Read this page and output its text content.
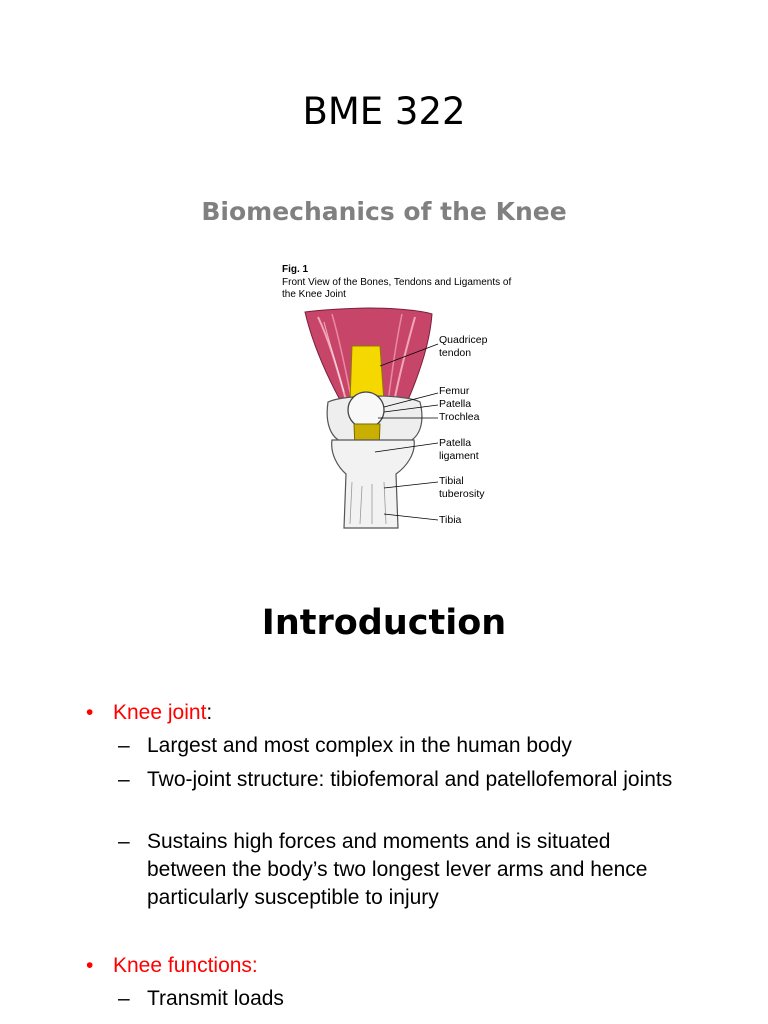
BME 322
Biomechanics of the Knee
Fig. 1
Front View of the Bones, Tendons and Ligaments of the Knee Joint
Quadricep
tendon
Femur
Patella
Trochlea
Patella
ligament
Tibial
tuberosity
Tibia
Introduction
• Knee joint:
– Largest and most complex in the human body
– Two-joint structure: tibiofemoral and patellofemoral joints
– Sustains high forces and moments and is situated between the body’s two longest lever arms and hence particularly susceptible to injury
• Knee functions:
– Transmit loads
